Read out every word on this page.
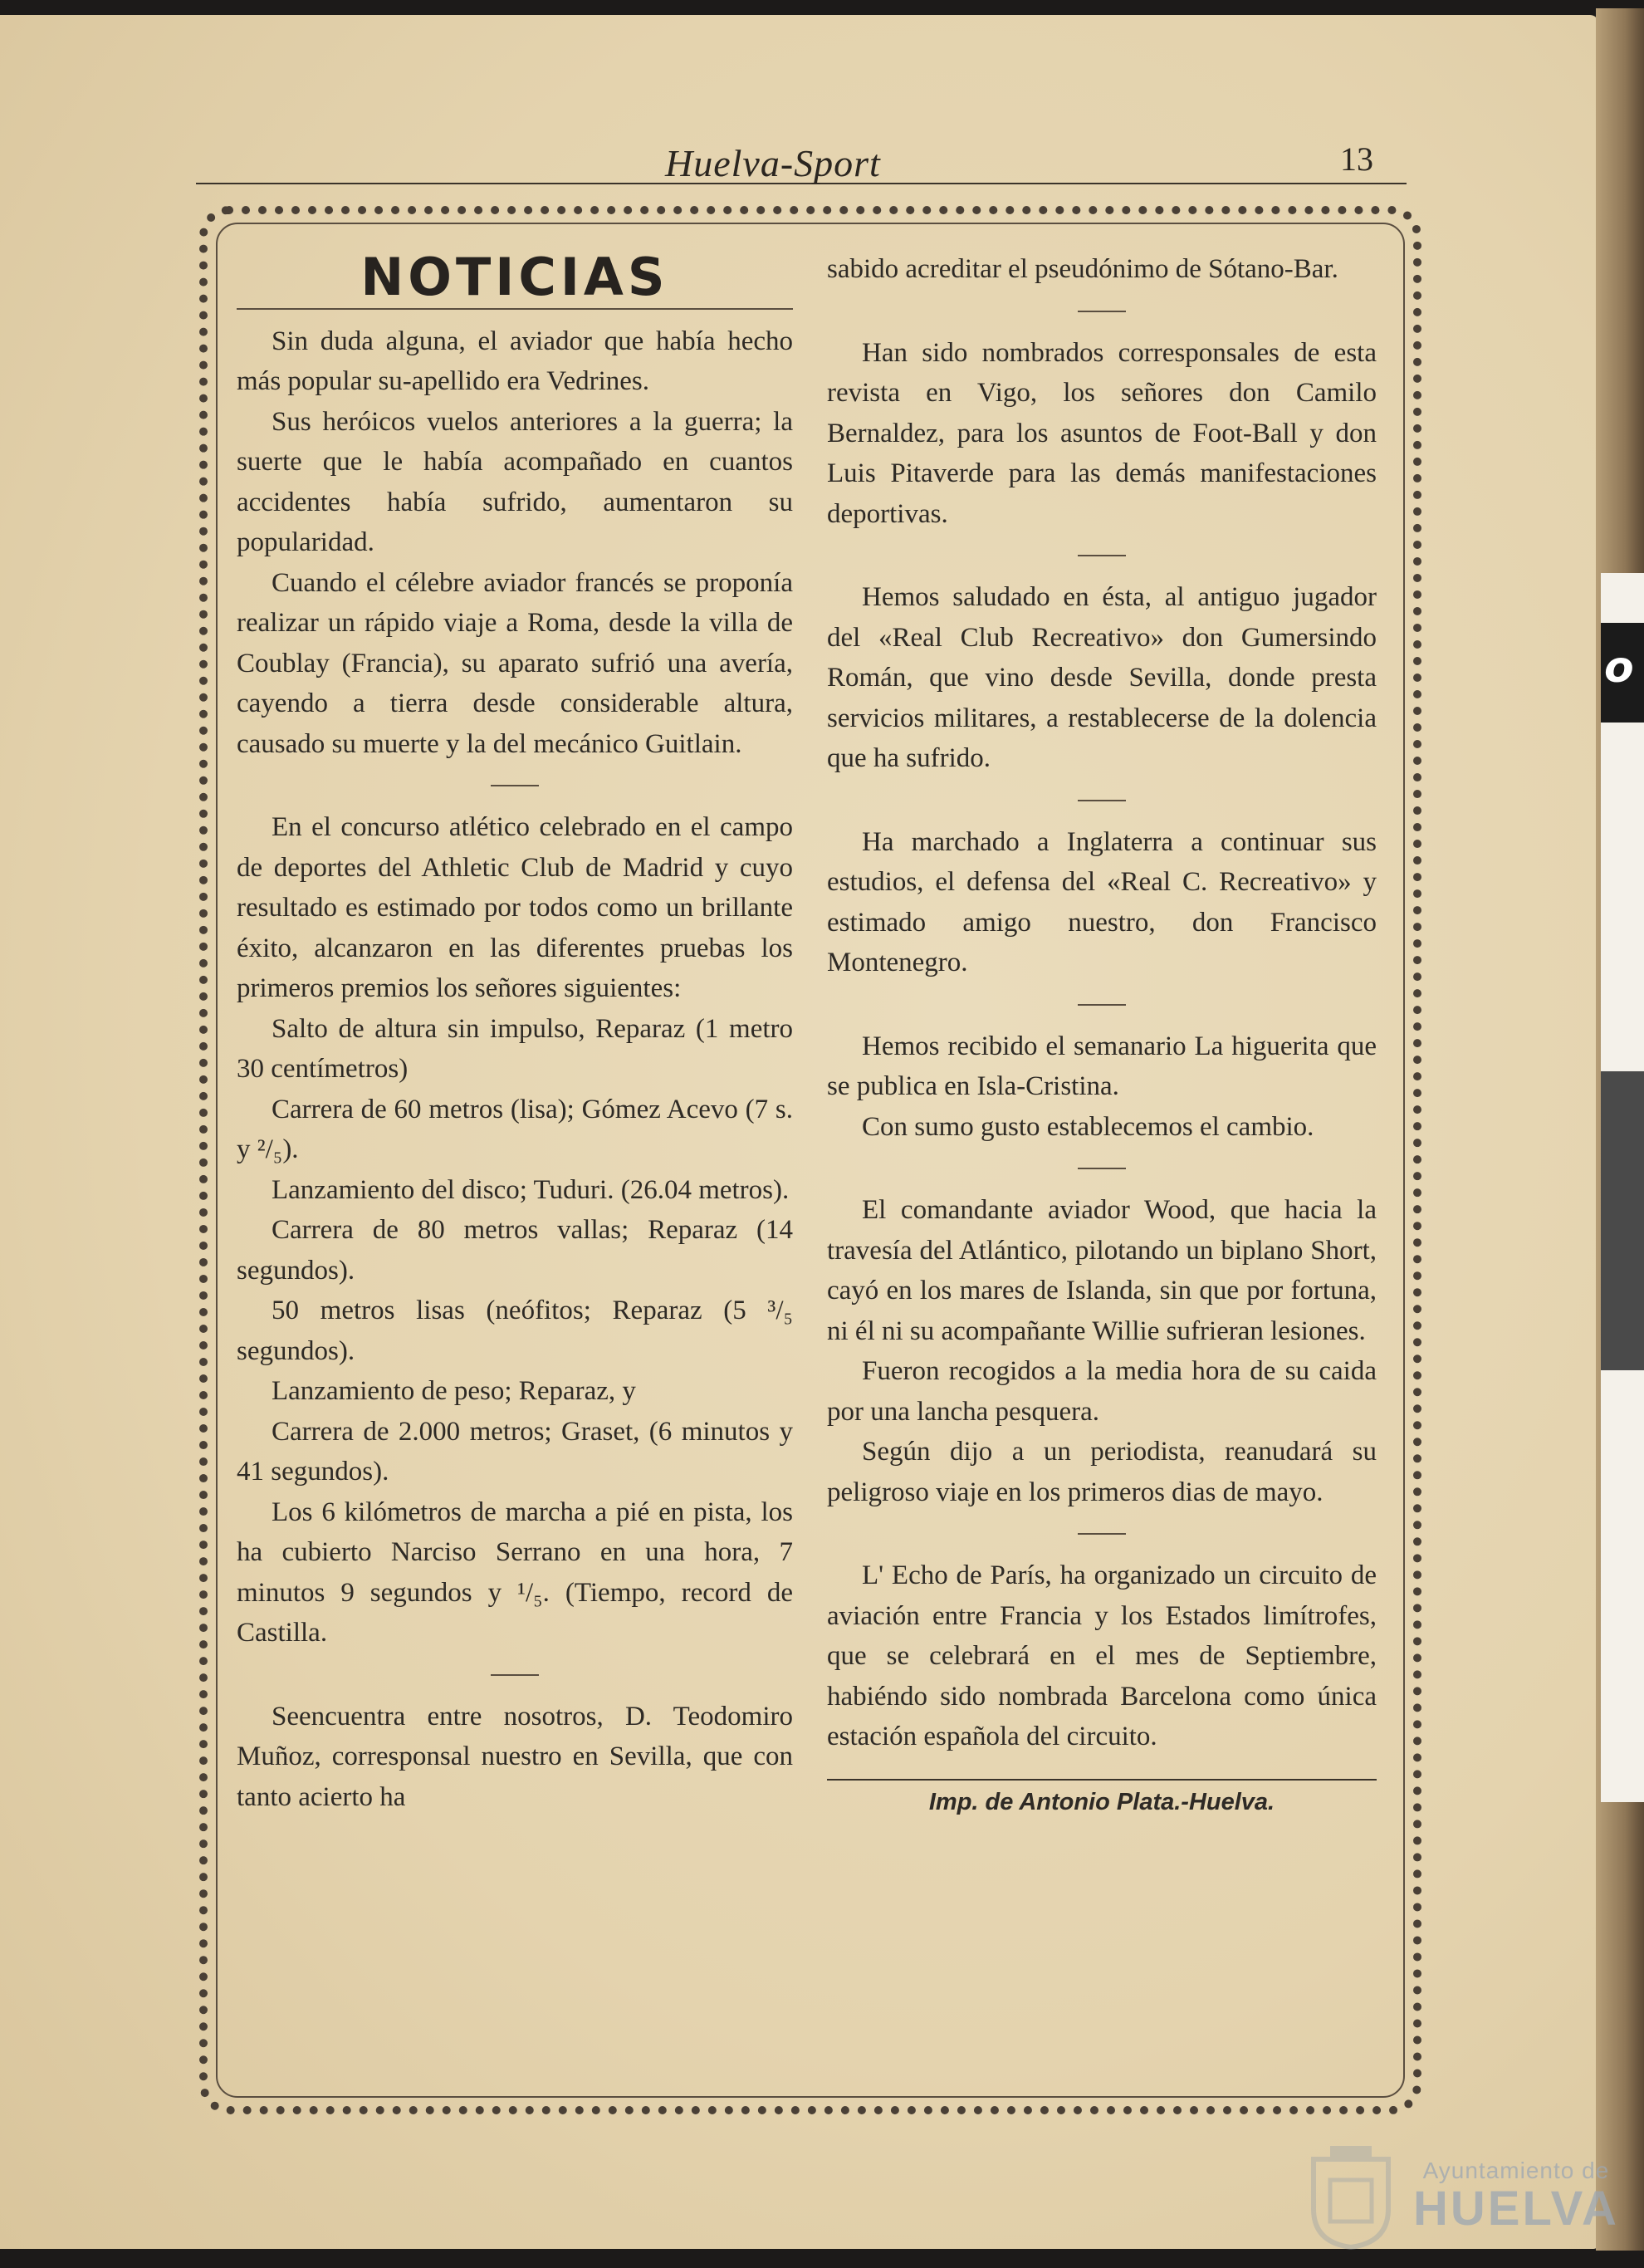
o
Huelva-Sport	13
NOTICIAS

Sin duda alguna, el aviador que había hecho más popular su-apellido era Vedrines.

Sus heróicos vuelos anteriores a la guerra; la suerte que le había acompañado en cuantos accidentes había sufrido, aumentaron su popularidad.

Cuando el célebre aviador francés se proponía realizar un rápido viaje a Roma, desde la villa de Coublay (Francia), su aparato sufrió una avería, cayendo a tierra desde considerable altura, causado su muerte y la del mecánico Guitlain.

En el concurso atlético celebrado en el campo de deportes del Athletic Club de Madrid y cuyo resultado es estimado por todos como un brillante éxito, alcanzaron en las diferentes pruebas los primeros premios los señores siguientes:

Salto de altura sin impulso, Reparaz (1 metro 30 centímetros)

Carrera de 60 metros (lisa); Gómez Acevo (7 s. y ²/₅).

Lanzamiento del disco; Tuduri. (26.04 metros).

Carrera de 80 metros vallas; Reparaz (14 segundos).

50 metros lisas (neófitos; Reparaz (5 ³/₅ segundos).

Lanzamiento de peso; Reparaz, y

Carrera de 2.000 metros; Graset, (6 minutos y 41 segundos).

Los 6 kilómetros de marcha a pié en pista, los ha cubierto Narciso Serrano en una hora, 7 minutos 9 segundos y ¹/₅. (Tiempo, record de Castilla.

Seencuentra entre nosotros, D. Teodomiro Muñoz, corresponsal nuestro en Sevilla, que con tanto acierto ha

sabido acreditar el pseudónimo de Sótano-Bar.

Han sido nombrados corresponsales de esta revista en Vigo, los señores don Camilo Bernaldez, para los asuntos de Foot-Ball y don Luis Pitaverde para las demás manifestaciones deportivas.

Hemos saludado en ésta, al antiguo jugador del «Real Club Recreativo» don Gumersindo Román, que vino desde Sevilla, donde presta servicios militares, a restablecerse de la dolencia que ha sufrido.

Ha marchado a Inglaterra a continuar sus estudios, el defensa del «Real C. Recreativo» y estimado amigo nuestro, don Francisco Montenegro.

Hemos recibido el semanario La higuerita que se publica en Isla-Cristina.

Con sumo gusto establecemos el cambio.

El comandante aviador Wood, que hacia la travesía del Atlántico, pilotando un biplano Short, cayó en los mares de Islanda, sin que por fortuna, ni él ni su acompañante Willie sufrieran lesiones.

Fueron recogidos a la media hora de su caida por una lancha pesquera.

Según dijo a un periodista, reanudará su peligroso viaje en los primeros dias de mayo.

L' Echo de París, ha organizado un circuito de aviación entre Francia y los Estados limítrofes, que se celebrará en el mes de Septiembre, habiéndo sido nombrada Barcelona como única estación española del circuito.

Imp. de Antonio Plata.-Huelva.
Ayuntamiento de
HUELVA
